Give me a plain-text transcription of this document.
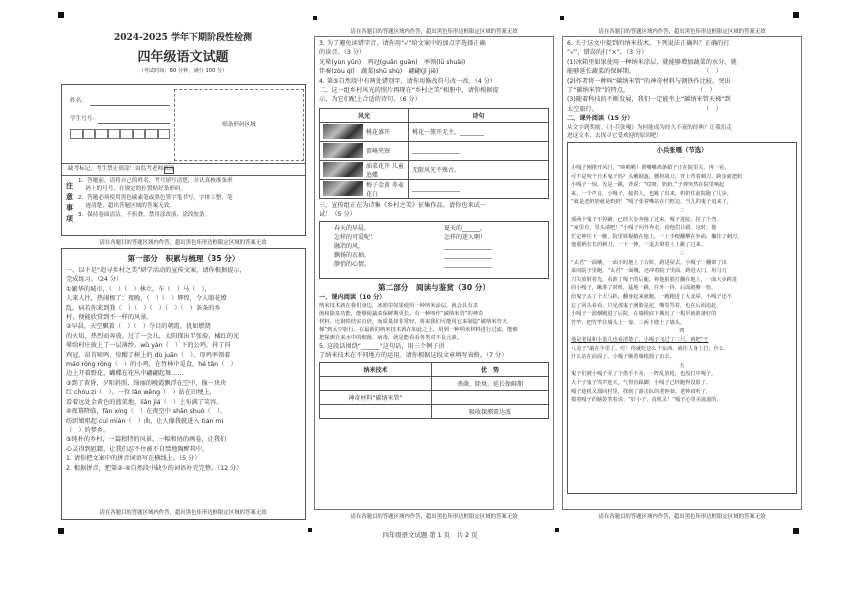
2024-2025 学年下期阶段性检测
四年级语文试题
（考试时间：80 分钟，满分 100 分）
姓名：
学生号号：
贴条形码区域
缺考标记，考生禁止填涂！由监考老师填涂
注意事项
1．答题前，请将自己的姓名、考号填写清楚，并认真核准条形
　 码上的号号，在规定的位置贴好条形码。
2．答题必须使用黑色碳素笔或黑色签字笔书写，字体工整、笔
　 迹清楚，超出答题区域的答案无效。
3．保持卷面清洁，不折叠，禁用涂改液、涂改胶条。
请在各题目的答题区域内作答，超出黑色矩形边框限定区域的答案无效
第一部分　积累与梳理（35 分）
一、以下是“追寻乡村之美”研学活动的宣传文案，请你根据提示，
完成练习。（24 分）
①繁华的城市，（　）（　）林立，车（　）马（　），
人来人往，热闹极了；夜晚，（　）（　）辉煌，令人眼花缭
乱。病若你来到我（　）（　）（　）（　）（　）条条的乡
村，便能欣赏到不一样的风景。
②早晨，天空飘着（　）（　）夺目的朝霞，犹如燃烧
的火焰，热烈而奔放。过了一会儿，太阳探出半张脸，橘红的光
晕给村庄披上了一层薄纱。wǔ yàn（　）下的公鸡，抖了抖
鸡冠、昂首啼鸣，惊醒了树上的 dù juān（　）。母鸡率领着
máo róng róng（　）的小鸡，在竹林中觅食，hé tān（　）
边上开着野花，蝴蝶在花丛中翩翩起舞……
③到了黄昏，夕阳斜照，绮丽的晚霞飘浮在空中，像一块块
红 chóu zi（　）。一位 lǎo wēng（　）站在田埂上，
看着远处金黄色的蓝菜地，liǎn jiá（　）上布满了笑容。
④夜幕降临，fān xíng（　）在夜空中 shǎn shuò（　），
纺织娘唱起 cuì mián（　）曲，让人像我就进入 tián mì
（　）的梦乡。
⑤纯朴的乡村，一篇独特的风景，一幅和协的画卷，让我们
心灵得到慰藉，让我们忍不住被不自禁地陶醉其中。
1. 请你把文案中的拼音词语写在横线上。（5 分）
2. 根据拼音，把第②-④自然段中缺少的词语补充完整。（12 分）
请在各题目的答题区域内作答，超出黑色矩形边框限定区域的答案无效
请在各题目的答题区域内作答，超出黑色矩形边框限定区域的答案无效
3. 为了避免读错字音，请你用“√”给文案中的加点字选择正确
的读音。（3 分）
光晕(yùn yūn)　鸡冠(guān guàn)　率领(lǜ shuài)
伴奏(zòu qī)　蔬菜(shū shù)　翩翩(jì jiē)
4. 第⑤自然段中有两处错别字，请你用修改符号改一改。（4 分）
二、这一组乡村风光的照片再现在“乡村之美”相册中，请你根据提
示，为它们配上合适的诗句。（6 分）
风光	诗句

桃花盛开	桃花一簇开无主，________

雷峰夹寮	________________

油菜花开 儿童追蝶	无限风光不殊古。

梅子金黄 荞麦花白	________________
三、宣传组正在为诗集《乡村之美》征集作品。请你也来试一
试！（5 分）
春天的早晨，
怎样的可爱呢！
融冶的风，
飘扬的衣袖，
静悄的心情。
夏天的______，
怎样的迷人啊！
________________
________________
________________
第二部分　阅读与鉴赏（30 分）
一、课内阅读（10 分）
纳米技术就在我们身边，冰箱里如果使用一种纳米涂层，就会具有杀
菌和除臭功能，能够使蔬菜保鲜期更长。有一种叫作“碳纳米管”的神奇
材料，比钢铁结实百倍，而质量却非常轻，将来我们可能用它来制造“碳纳米管天
梯”到太空旅行。在最新的纳米技术就在如此之上，用到一种纳米材料进行过滤，能够
把探测自来水中的细菌、病毒，就是能看看各类对不良元素。
5. 这段话围绕“______”这句话，用三个例子讲
了纳米技术在不同地方的运用。请你根据这段文章填写表格。（7 分）
纳米技术	优　势
	杀菌、除臭、延长保鲜期
神奇材料“碳纳米管”	
	吸收探测雷达波
请在各题目的答题区域内作答，超出黑色矩形边框限定区域的答案无效
请在各题目的答题区域内作答，超出黑色矩形边框限定区域的答案无效
6. 关于这文中提到的纳米技术，下列说法正确吗？正确的打
“√”，错误的打“×”。（3 分）
(1)冰箱里如果使用一种纳米涂层，就能够增加蔬菜的水分，就
能够延长蔬菜的保鲜期。　　　　　　　　　　　　（　）
(2)作者将一种叫“碳纳米管”的神奇材料与钢铁作比较，突出
了“碳纳米管”的特点。　　　　　　　　　　　　（　）
(3)随着科技的不断发展，我们一定能坐上“碳纳米管天梯”到
太空旅行。　　　　　　　　　　　　　　　　　　（　）
二、课外阅读（15 分）
从文字到奖励。《小兵张嘎》为何能成为经久不衰的经典？让我们走
进这文本，去探寻它受欢迎的原因吧！
小兵张嘎（节选）
一
小嘎子刚推开风门，“咚哟哟！黄嘴嘴鸡条蛤子正在院里关，再一看，
可不是咬个日本鬼子吗？头戴钢盔，腰挎战刀，背上背着刺刀。跨步就把奶
小嘎子一惊，先是一跳，背说：“哎呀，奶奶。”子弹突然在院里响起
来，一个声音，小嘎子，接着人，也跳了出来，奶奶往前院跑了几步。
“就是老奶奶就是奶奶！”嘎子张着嘴站在门框边，当儿的鬼子追来了，
二
那两个鬼子不停蹄，已经大步奔撞了过来。嘎子进院，拐了个弯，
“家里有，里头请吧！”小嘎子向外奔走，给他们让路。这时，他
忙定神往下一瞧，院里铁棍戳在地上，一上手便翻攀在外面，攥住了刺刀。
他那柄长长的刺刀，一下一伸，一退去窜着上上跳了过来。
三
“太君”一面嚷，一面不时地上了台阶，跨进屋去。小嘎子一翻窜了出
来向院子里跑。“太君”一面嚷，还冲着院子里面，跨进大门，用马刀
刀尖放射着光，看准了嘎子的后腿。将他狠狠打翻在地上，一面大步跨进
的小嘎子，瞅准了时机，猛地一跳，往外一抖，后面胳膊一扭，
给鬼子丢了个大马趴，翻身起来就跑。一跑跑进了大北屋，小嘎子还不
忘了回头看看，只见那鬼子满脸是泥，嘴里骂着，也在后面追赶。
小嘎子一溜烟跑进了后院，在墙根底下搬出了一根早就准备好的
竹竿，把竹竿往墙头上一靠，三两下爬上了墙头。
四
他是老鼠和小蛋儿也看清楚了，小嘎子飞过了三尺，就把“王
八盖子”敲在手里了。叮！你就吃这么个东西，就往人身上打，什么
什么站在前面了，小嘎子顺着墙根溜了出去。
五
鬼子们被小嘎子弄了个措手不及，一阵乱放枪，也没打中嘎子。
大个子鬼子骂声连天，气得直跺脚，小嘎子已经跑得没影了。
嘎子趁机又溜回村里，找到了游击队的老钟叔。老钟叔听了，
摸着嘎子的脑袋笑着说：“好小子，真机灵！”嘎子心里美滋滋的。
请在各题目的答题区域内作答，超出黑色矩形边框限定区域的答案无效
四年级语文试题 第 1 页　共 2 页
